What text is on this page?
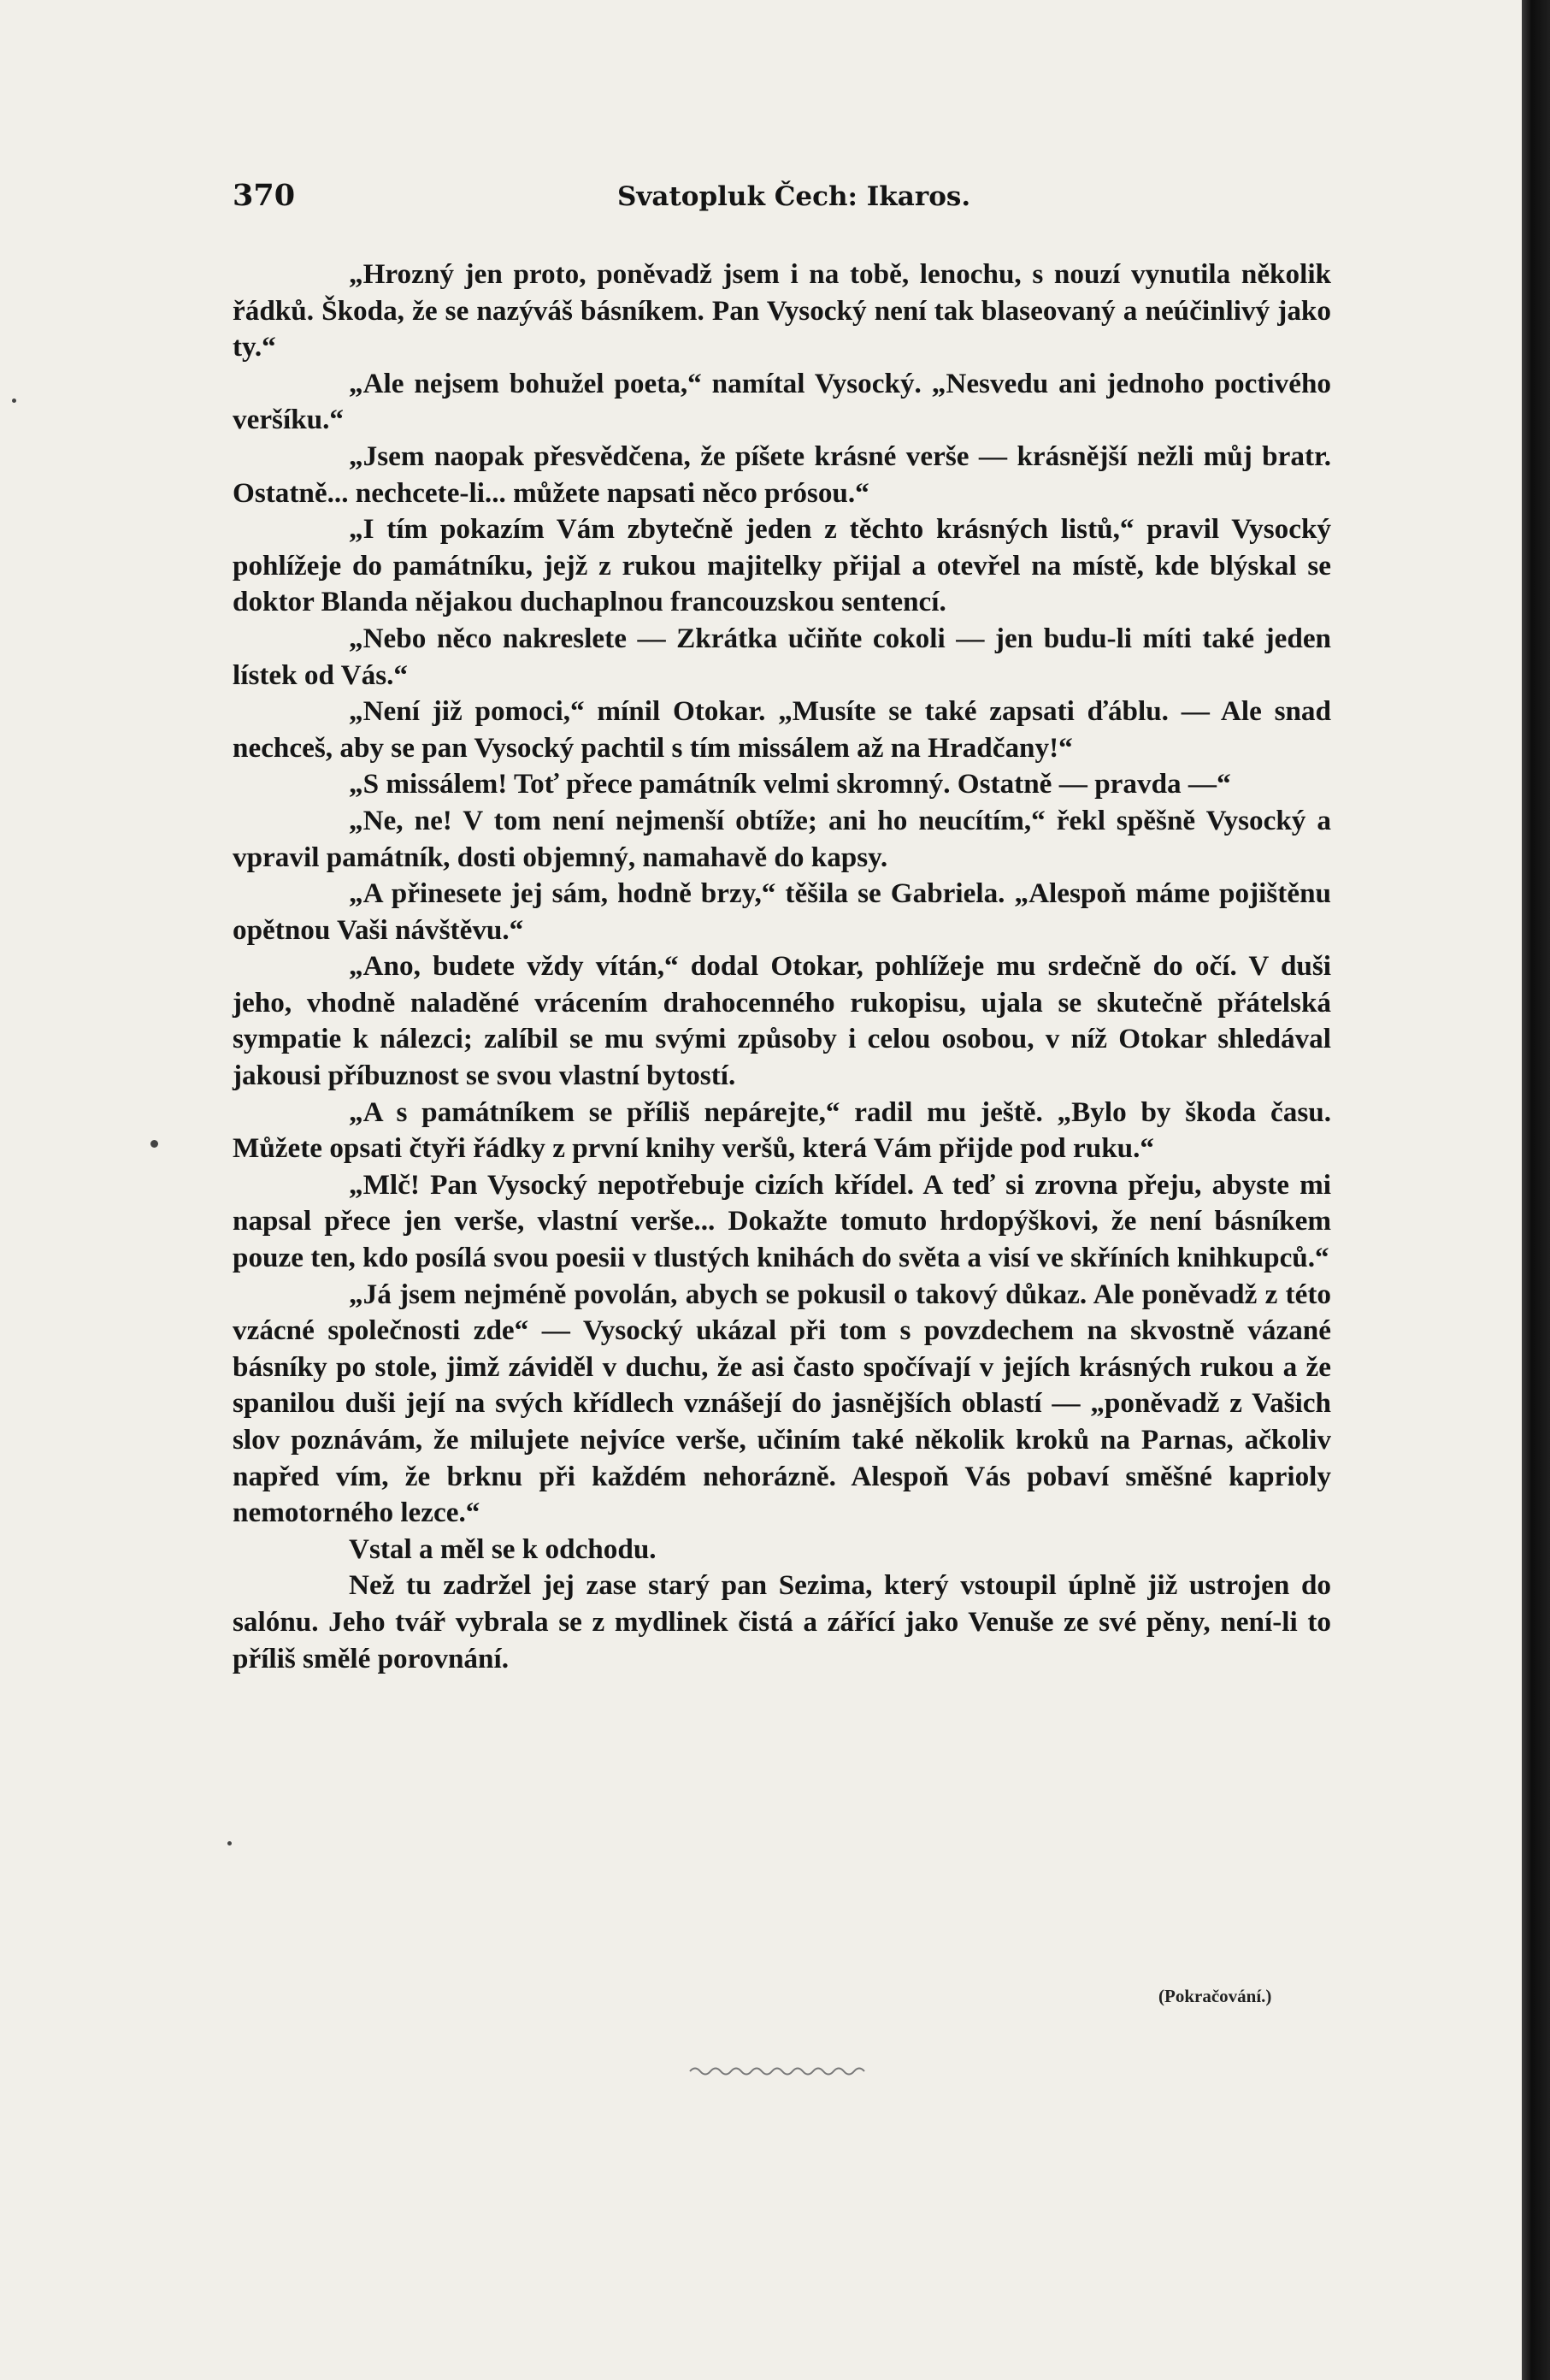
370	Svatopluk Čech: Ikaros.

„Hrozný jen proto, poněvadž jsem i na tobě, lenochu, s nouzí vynutila několik řádků. Škoda, že se nazýváš básníkem. Pan Vysocký není tak blaseovaný a neúčinlivý jako ty.“

„Ale nejsem bohužel poeta,“ namítal Vysocký. „Nesvedu ani jednoho poctivého veršíku.“

„Jsem naopak přesvědčena, že píšete krásné verše — krásnější nežli můj bratr. Ostatně... nechcete-li... můžete napsati něco prósou.“

„I tím pokazím Vám zbytečně jeden z těchto krásných listů,“ pravil Vysocký pohlížeje do památníku, jejž z rukou majitelky přijal a otevřel na místě, kde blýskal se doktor Blanda nějakou duchaplnou francouzskou sentencí.

„Nebo něco nakreslete — Zkrátka učiňte cokoli — jen budu-li míti také jeden lístek od Vás.“

„Není již pomoci,“ mínil Otokar. „Musíte se také zapsati ďáblu. — Ale snad nechceš, aby se pan Vysocký pachtil s tím missálem až na Hradčany!“

„S missálem! Toť přece památník velmi skromný. Ostatně — pravda —“

„Ne, ne! V tom není nejmenší obtíže; ani ho neucítím,“ řekl spěšně Vysocký a vpravil památník, dosti objemný, namahavě do kapsy.

„A přinesete jej sám, hodně brzy,“ těšila se Gabriela. „Alespoň máme pojištěnu opětnou Vaši návštěvu.“

„Ano, budete vždy vítán,“ dodal Otokar, pohlížeje mu srdečně do očí. V duši jeho, vhodně naladěné vrácením drahocenného rukopisu, ujala se skutečně přátelská sympatie k nálezci; zalíbil se mu svými způsoby i celou osobou, v níž Otokar shledával jakousi příbuznost se svou vlastní bytostí.

„A s památníkem se příliš nepárejte,“ radil mu ještě. „Bylo by škoda času. Můžete opsati čtyři řádky z první knihy veršů, která Vám přijde pod ruku.“

„Mlč! Pan Vysocký nepotřebuje cizích křídel. A teď si zrovna přeju, abyste mi napsal přece jen verše, vlastní verše... Dokažte tomuto hrdopýškovi, že není básníkem pouze ten, kdo posílá svou poesii v tlustých knihách do světa a visí ve skříních knihkupců.“

„Já jsem nejméně povolán, abych se pokusil o takový důkaz. Ale poněvadž z této vzácné společnosti zde“ — Vysocký ukázal při tom s povzdechem na skvostně vázané básníky po stole, jimž záviděl v duchu, že asi často spočívají v jejích krásných rukou a že spanilou duši její na svých křídlech vznášejí do jasnějších oblastí — „poněvadž z Vašich slov poznávám, že milujete nejvíce verše, učiním také několik kroků na Parnas, ačkoliv napřed vím, že brknu při každém nehorázně. Alespoň Vás pobaví směšné kaprioly nemotorného lezce.“

Vstal a měl se k odchodu.

Než tu zadržel jej zase starý pan Sezima, který vstoupil úplně již ustrojen do salónu. Jeho tvář vybrala se z mydlinek čistá a zářící jako Venuše ze své pěny, není-li to příliš smělé porovnání.

(Pokračování.)
